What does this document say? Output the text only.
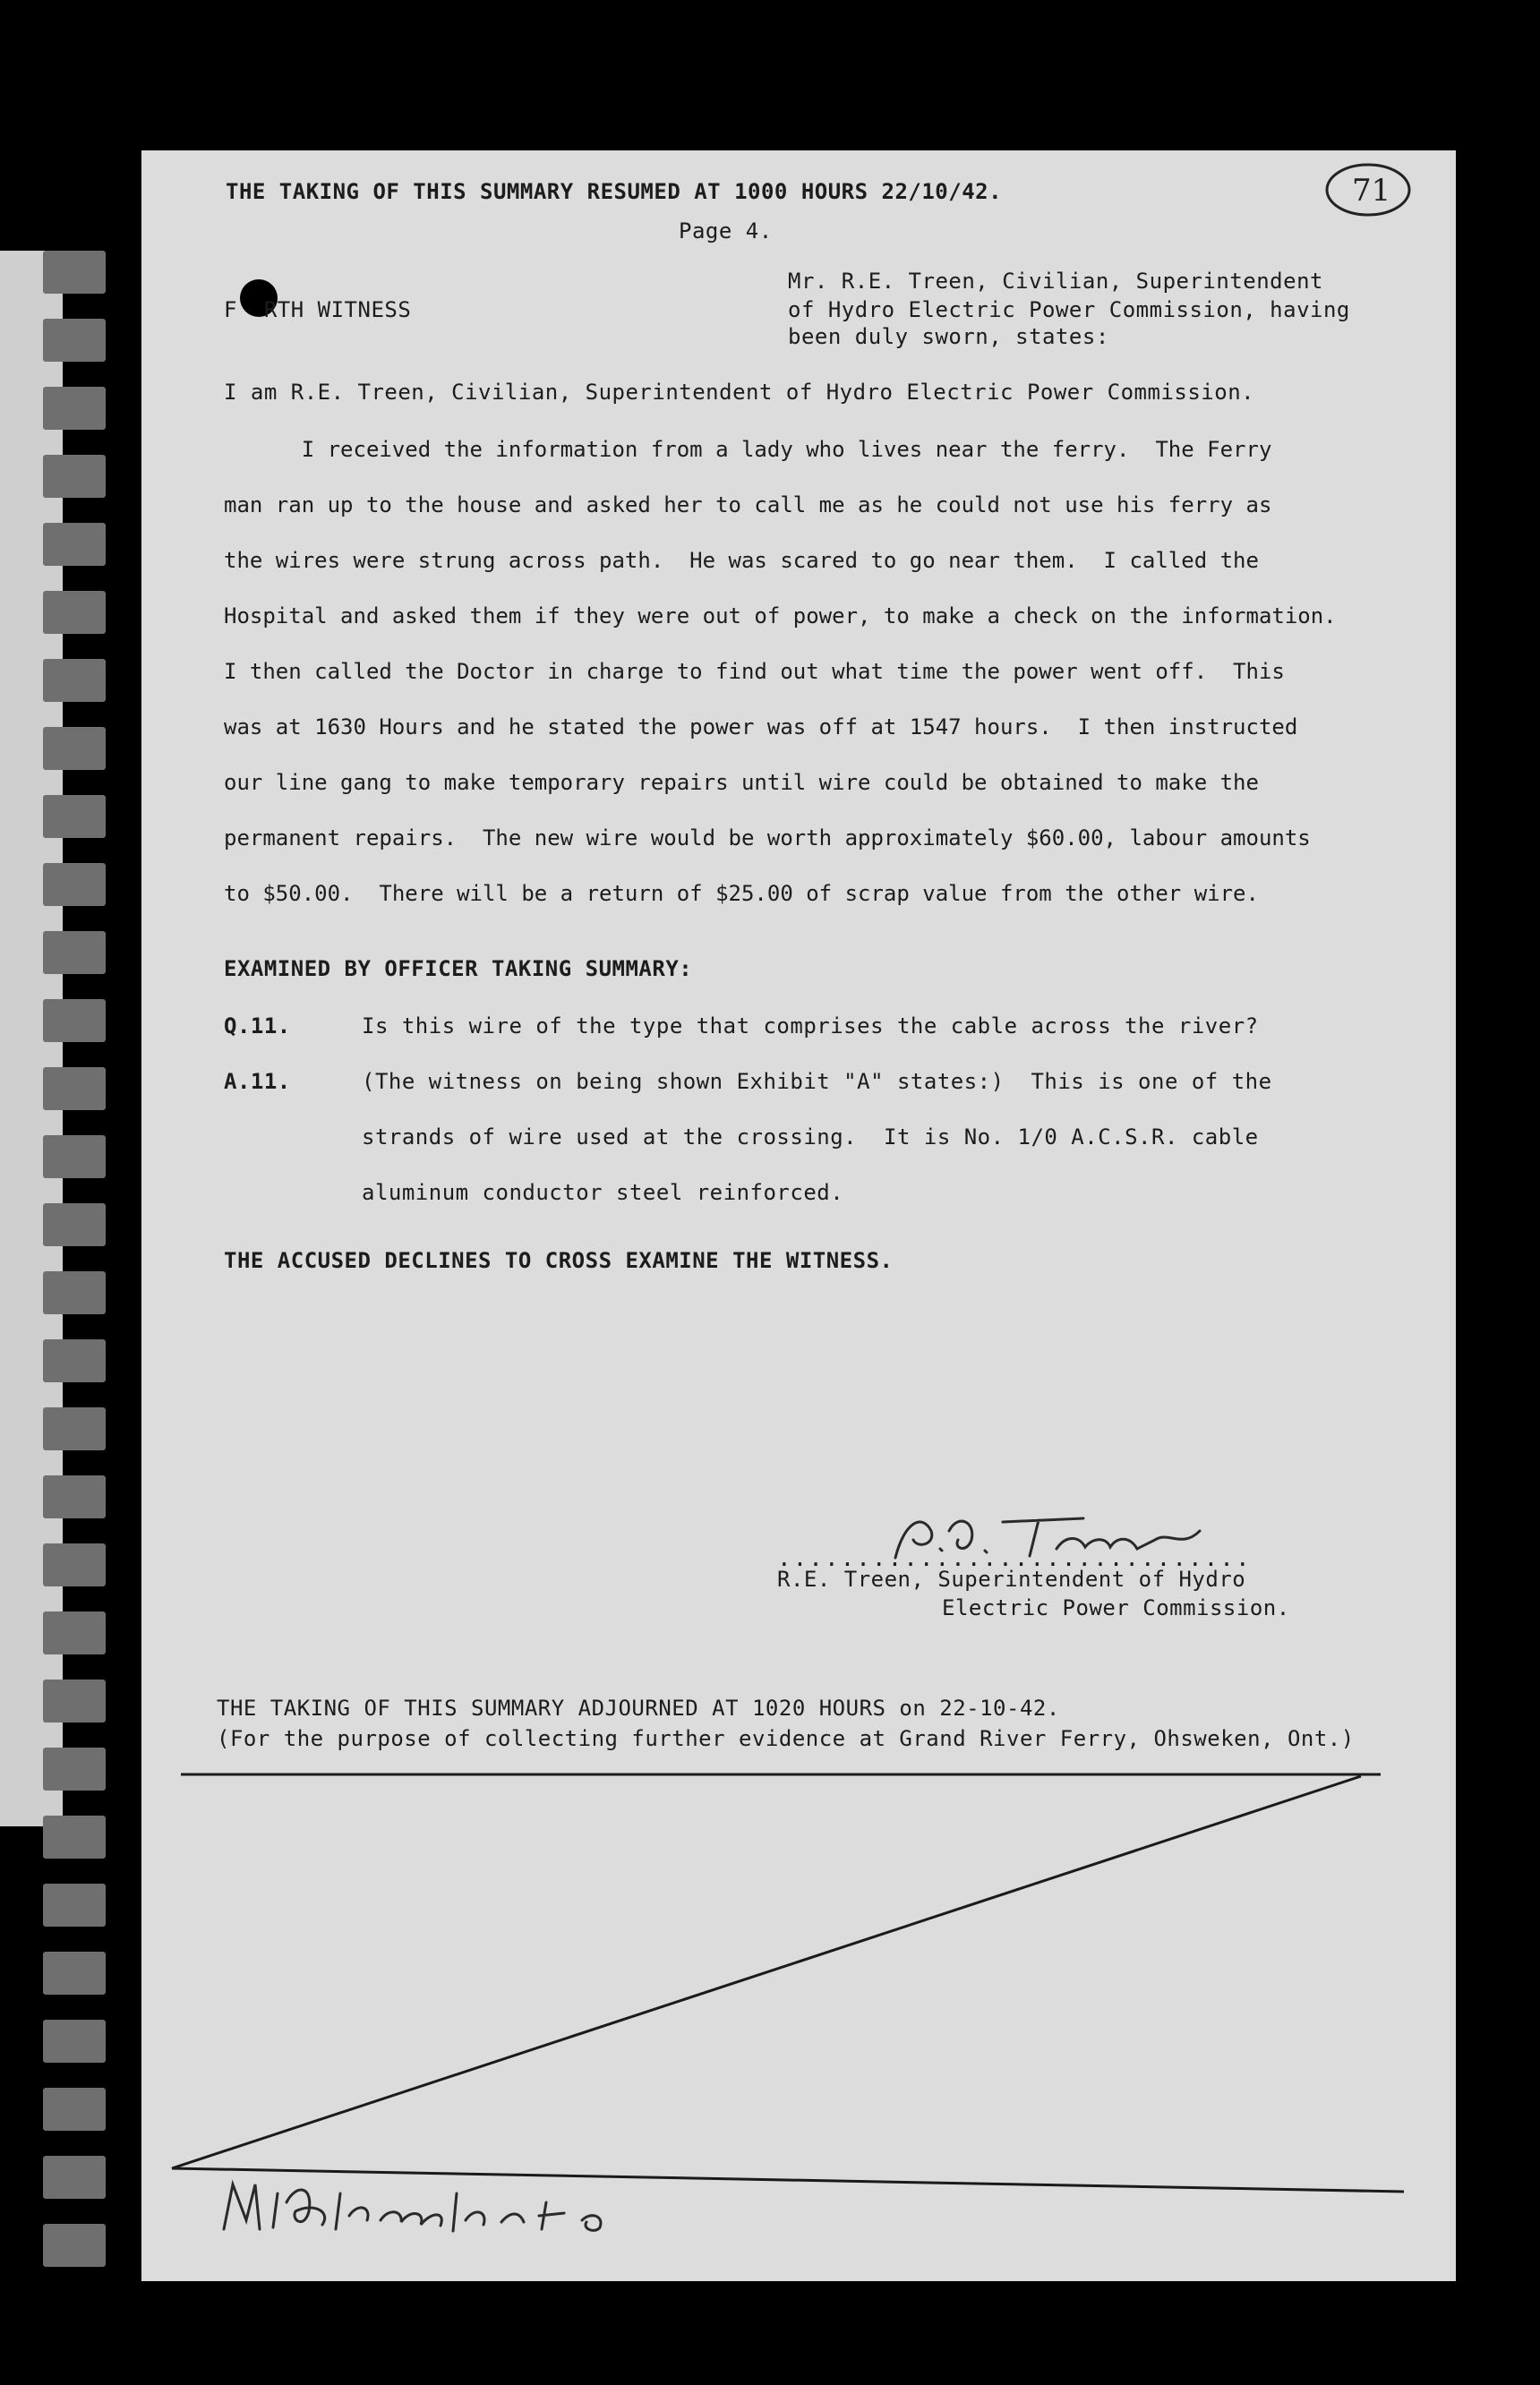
71
THE TAKING OF THIS SUMMARY RESUMED AT 1000 HOURS 22/10/42.
Page 4.
F  RTH WITNESS
Mr. R.E. Treen, Civilian, Superintendent
of Hydro Electric Power Commission, having
been duly sworn, states:
I am R.E. Treen, Civilian, Superintendent of Hydro Electric Power Commission.
I received the information from a lady who lives near the ferry.  The Ferry
man ran up to the house and asked her to call me as he could not use his ferry as
the wires were strung across path.  He was scared to go near them.  I called the
Hospital and asked them if they were out of power, to make a check on the information.
I then called the Doctor in charge to find out what time the power went off.  This
was at 1630 Hours and he stated the power was off at 1547 hours.  I then instructed
our line gang to make temporary repairs until wire could be obtained to make the
permanent repairs.  The new wire would be worth approximately $60.00, labour amounts
to $50.00.  There will be a return of $25.00 of scrap value from the other wire.
EXAMINED BY OFFICER TAKING SUMMARY:
Q.11.	Is this wire of the type that comprises the cable across the river?
A.11.	(The witness on being shown Exhibit "A" states:)  This is one of the
strands of wire used at the crossing.  It is No. 1/0 A.C.S.R. cable
aluminum conductor steel reinforced.
THE ACCUSED DECLINES TO CROSS EXAMINE THE WITNESS.
..............................
R.E. Treen, Superintendent of Hydro
Electric Power Commission.
THE TAKING OF THIS SUMMARY ADJOURNED AT 1020 HOURS on 22-10-42.
(For the purpose of collecting further evidence at Grand River Ferry, Ohsweken, Ont.)
